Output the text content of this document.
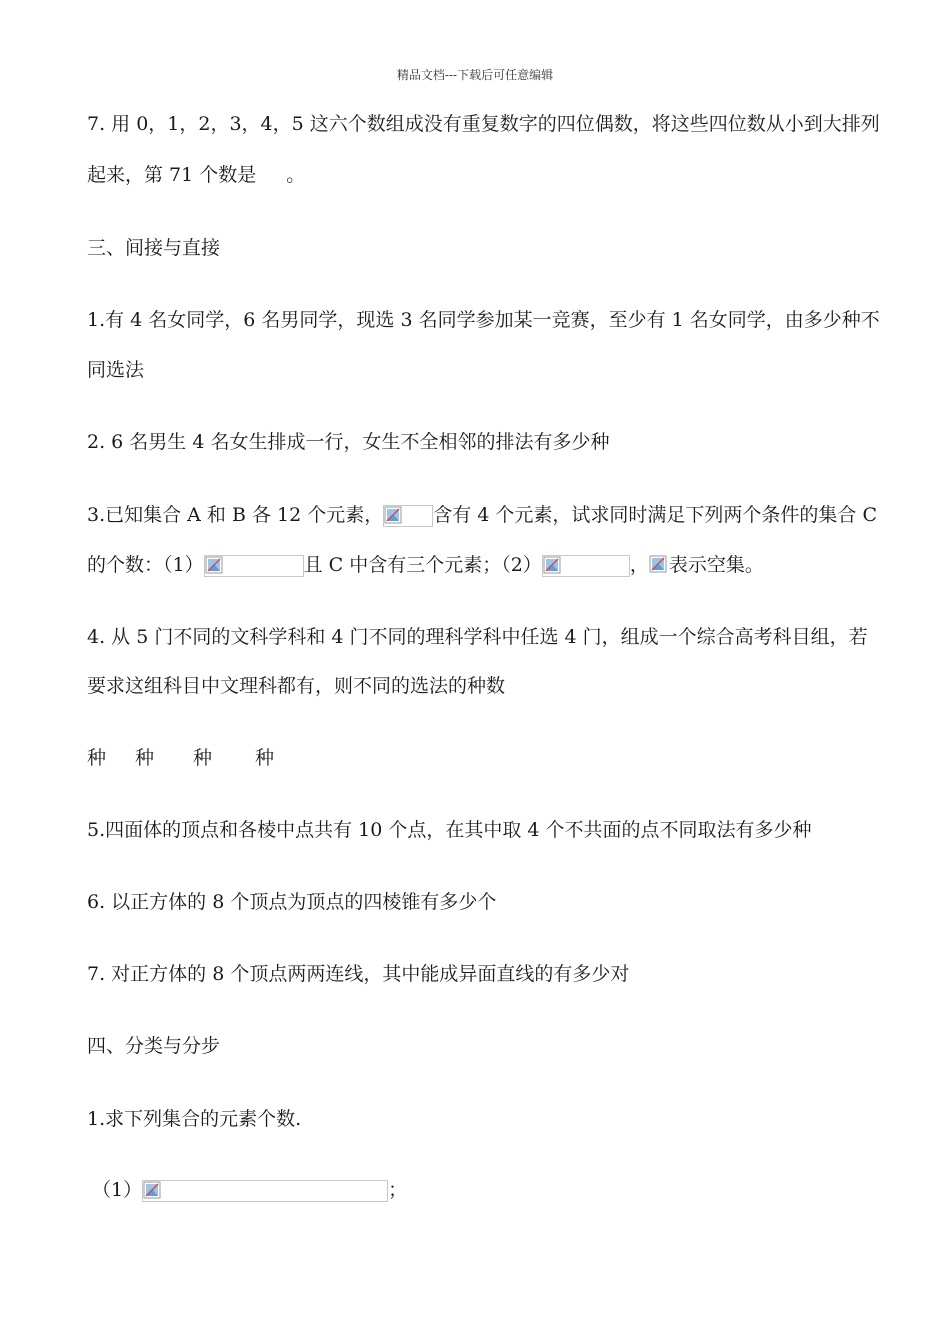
精品文档---下载后可任意编辑
7. 用 0，1，2，3，4，5 这六个数组成没有重复数字的四位偶数，将这些四位数从小到大排列
起来，第 71 个数是 。
三、间接与直接
1.有 4 名女同学，6 名男同学，现选 3 名同学参加某一竞赛，至少有 1 名女同学，由多少种不
同选法
2. 6 名男生 4 名女生排成一行，女生不全相邻的排法有多少种
3.已知集合 A 和 B 各 12 个元素，	含有 4 个元素，试求同时满足下列两个条件的集合 C
的个数：（1）	且 C 中含有三个元素；（2）	， 表示空集。
4. 从 5 门不同的文科学科和 4 门不同的理科学科中任选 4 门，组成一个综合高考科目组，若
要求这组科目中文理科都有，则不同的选法的种数
种 种 种 种
5.四面体的顶点和各棱中点共有 10 个点，在其中取 4 个不共面的点不同取法有多少种
6. 以正方体的 8 个顶点为顶点的四棱锥有多少个
7. 对正方体的 8 个顶点两两连线，其中能成异面直线的有多少对
四、分类与分步
1.求下列集合的元素个数.
（1）	；
